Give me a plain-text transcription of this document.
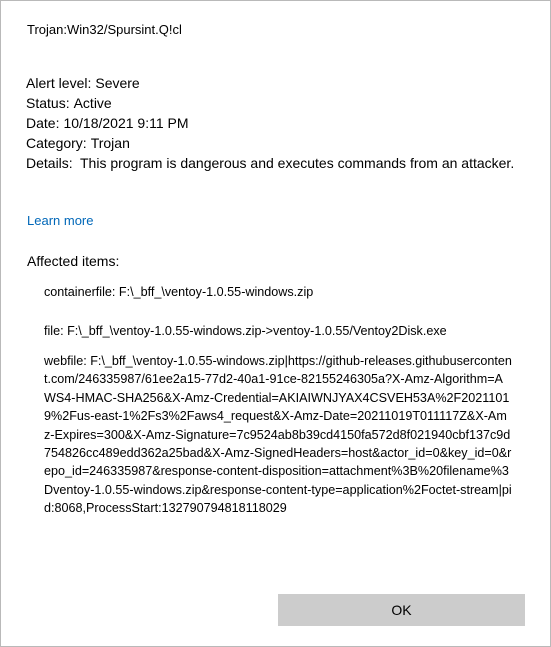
Trojan:Win32/Spursint.Q!cl
Alert level: Severe
Status: Active
Date: 10/18/2021 9:11 PM
Category: Trojan
Details: This program is dangerous and executes commands from an attacker.
Learn more
Affected items:
containerfile: F:\_bff_\ventoy-1.0.55-windows.zip
file: F:\_bff_\ventoy-1.0.55-windows.zip->ventoy-1.0.55/Ventoy2Disk.exe
webfile: F:\_bff_\ventoy-1.0.55-windows.zip|https://github-releases.githubusercontent.com/246335987/61ee2a15-77d2-40a1-91ce-82155246305a?X-Amz-Algorithm=AWS4-HMAC-SHA256&X-Amz-Credential=AKIAIWNJYAX4CSVEH53A%2F20211019%2Fus-east-1%2Fs3%2Faws4_request&X-Amz-Date=20211019T011117Z&X-Amz-Expires=300&X-Amz-Signature=7c9524ab8b39cd4150fa572d8f021940cbf137c9d754826cc489edd362a25bad&X-Amz-SignedHeaders=host&actor_id=0&key_id=0&repo_id=246335987&response-content-disposition=attachment%3B%20filename%3Dventoy-1.0.55-windows.zip&response-content-type=application%2Foctet-stream|pid:8068,ProcessStart:132790794818118029
OK
